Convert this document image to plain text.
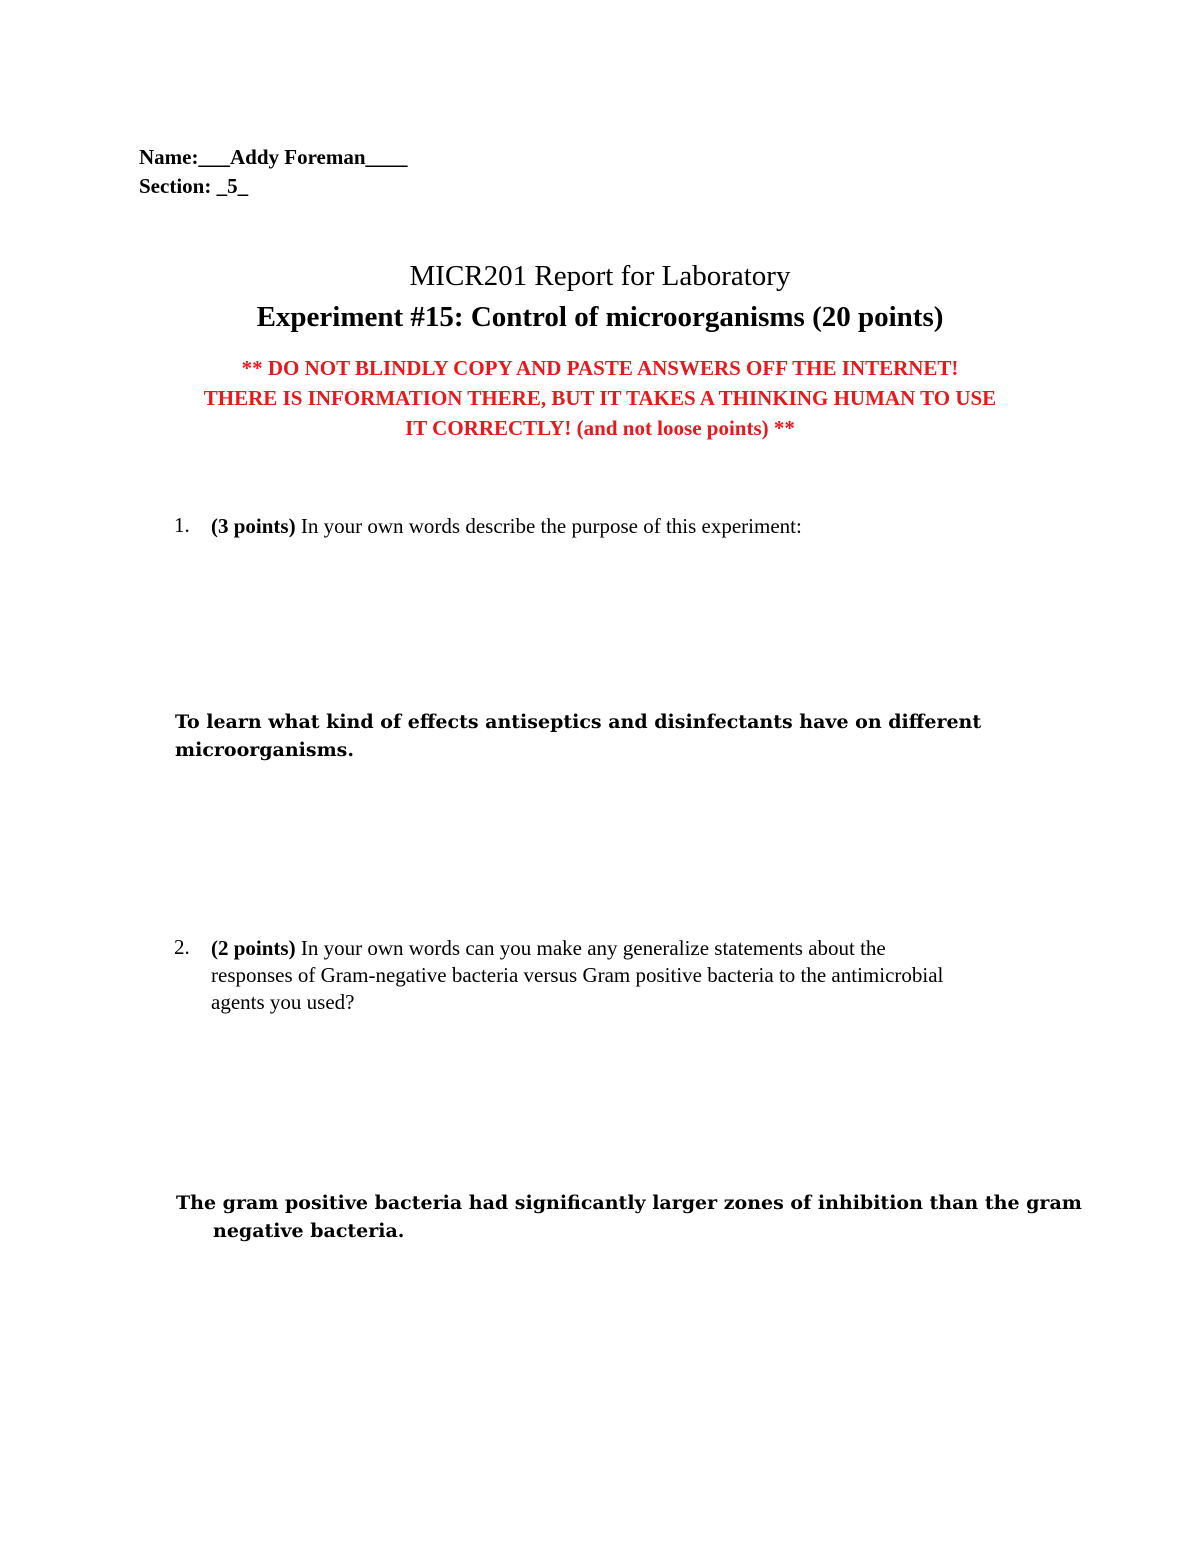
Name:___Addy Foreman____
Section: _5_
MICR201 Report for Laboratory
Experiment #15: Control of microorganisms (20 points)
** DO NOT BLINDLY COPY AND PASTE ANSWERS OFF THE INTERNET!
THERE IS INFORMATION THERE, BUT IT TAKES A THINKING HUMAN TO USE
IT CORRECTLY! (and not loose points) **
1. (3 points) In your own words describe the purpose of this experiment:
To learn what kind of effects antiseptics and disinfectants have on different
microorganisms.
2. (2 points) In your own words can you make any generalize statements about the
responses of Gram-negative bacteria versus Gram positive bacteria to the antimicrobial
agents you used?
The gram positive bacteria had significantly larger zones of inhibition than the gram
negative bacteria.
